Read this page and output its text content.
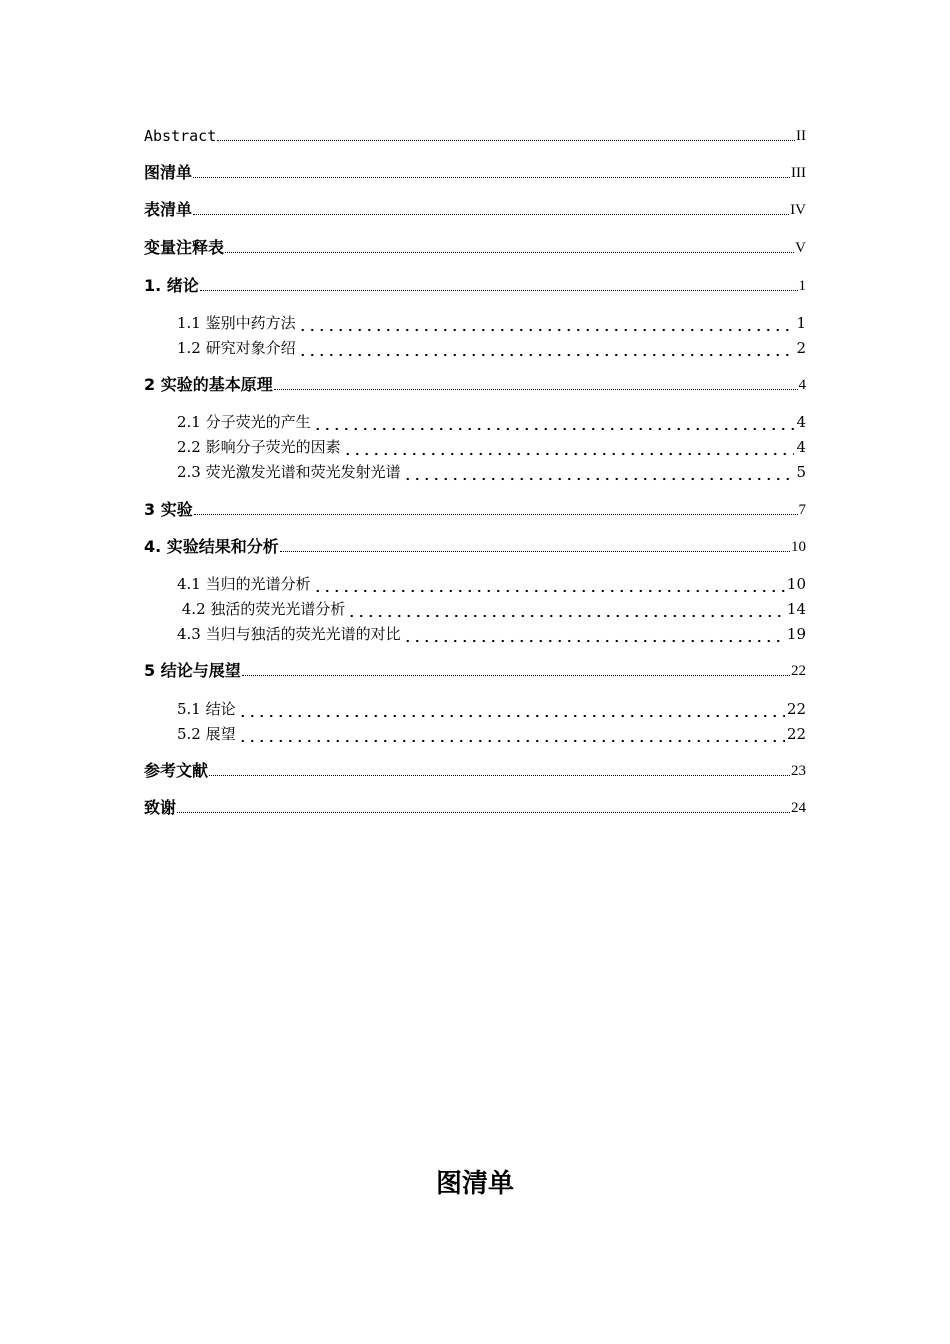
Abstract	II
图清单	III
表清单	IV
变量注释表	V
1. 绪论	1
1.1 鉴别中药方法	1
1.2 研究对象介绍	2
2 实验的基本原理	4
2.1 分子荧光的产生	4
2.2 影响分子荧光的因素	4
2.3 荧光激发光谱和荧光发射光谱	5
3 实验	7
4. 实验结果和分析	10
4.1 当归的光谱分析	10
4.2 独活的荧光光谱分析	14
4.3 当归与独活的荧光光谱的对比	19
5 结论与展望	22
5.1 结论	22
5.2 展望	22
参考文献	23
致谢	24
图清单
